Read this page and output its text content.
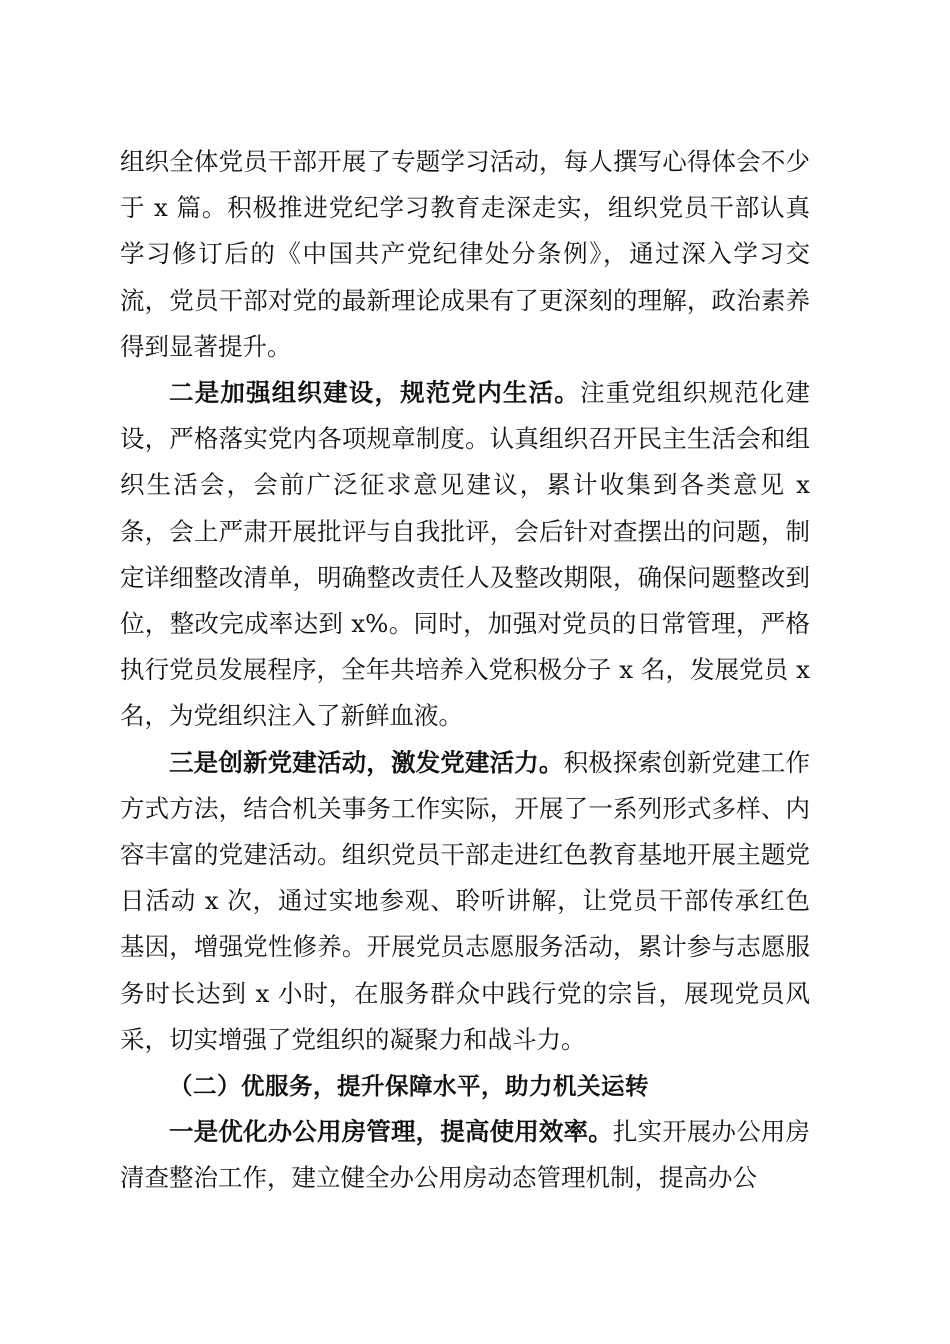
组织全体党员干部开展了专题学习活动，每人撰写心得体会不少于 x 篇。积极推进党纪学习教育走深走实，组织党员干部认真学习修订后的《中国共产党纪律处分条例》，通过深入学习交流，党员干部对党的最新理论成果有了更深刻的理解，政治素养得到显著提升。

二是加强组织建设，规范党内生活。注重党组织规范化建设，严格落实党内各项规章制度。认真组织召开民主生活会和组织生活会，会前广泛征求意见建议，累计收集到各类意见 x 条，会上严肃开展批评与自我批评，会后针对查摆出的问题，制定详细整改清单，明确整改责任人及整改期限，确保问题整改到位，整改完成率达到 x%。同时，加强对党员的日常管理，严格执行党员发展程序，全年共培养入党积极分子 x 名，发展党员 x 名，为党组织注入了新鲜血液。

三是创新党建活动，激发党建活力。积极探索创新党建工作方式方法，结合机关事务工作实际，开展了一系列形式多样、内容丰富的党建活动。组织党员干部走进红色教育基地开展主题党日活动 x 次，通过实地参观、聆听讲解，让党员干部传承红色基因，增强党性修养。开展党员志愿服务活动，累计参与志愿服务时长达到 x 小时，在服务群众中践行党的宗旨，展现党员风采，切实增强了党组织的凝聚力和战斗力。

（二）优服务，提升保障水平，助力机关运转

一是优化办公用房管理，提高使用效率。扎实开展办公用房清查整治工作，建立健全办公用房动态管理机制，提高办公
